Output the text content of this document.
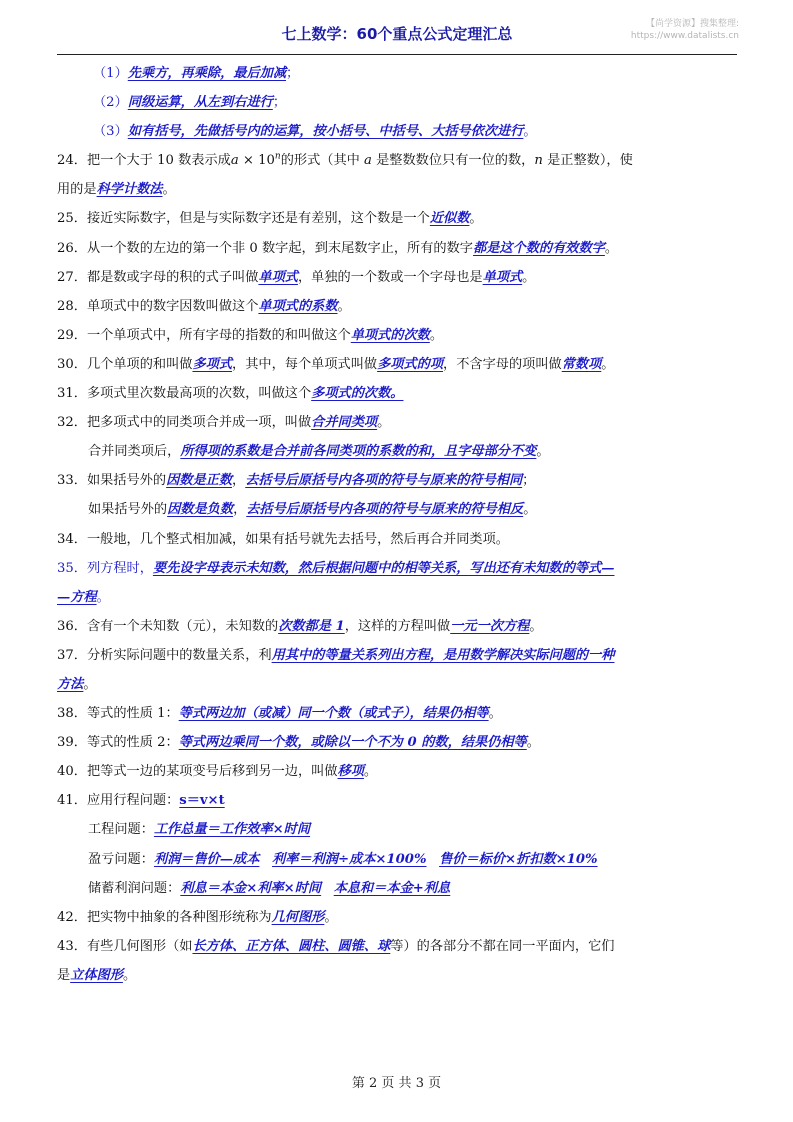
七上数学：60个重点公式定理汇总
【尚学资源】搜集整理:
https://www.datalists.cn
（1）先乘方，再乘除，最后加减；
（2）同级运算，从左到右进行；
（3）如有括号，先做括号内的运算，按小括号、中括号、大括号依次进行。
24．把一个大于 10 数表示成$a \times 10^n$的形式（其中 a 是整数数位只有一位的数，n 是正整数），使
用的是科学计数法。
25．接近实际数字，但是与实际数字还是有差别，这个数是一个近似数。
26．从一个数的左边的第一个非 0 数字起，到末尾数字止，所有的数字都是这个数的有效数字。
27．都是数或字母的积的式子叫做单项式，单独的一个数或一个字母也是单项式。
28．单项式中的数字因数叫做这个单项式的系数。
29．一个单项式中，所有字母的指数的和叫做这个单项式的次数。
30．几个单项的和叫做多项式，其中，每个单项式叫做多项式的项，不含字母的项叫做常数项。
31．多项式里次数最高项的次数，叫做这个多项式的次数。
32．把多项式中的同类项合并成一项，叫做合并同类项。
合并同类项后，所得项的系数是合并前各同类项的系数的和，且字母部分不变。
33．如果括号外的因数是正数，去括号后原括号内各项的符号与原来的符号相同；
如果括号外的因数是负数，去括号后原括号内各项的符号与原来的符号相反。
34．一般地，几个整式相加减，如果有括号就先去括号，然后再合并同类项。
35．列方程时，要先设字母表示未知数，然后根据问题中的相等关系，写出还有未知数的等式—
—方程。
36．含有一个未知数（元），未知数的次数都是 1，这样的方程叫做一元一次方程。
37．分析实际问题中的数量关系，利用其中的等量关系列出方程，是用数学解决实际问题的一种
方法。
38．等式的性质 1：等式两边加（或减）同一个数（或式子），结果仍相等。
39．等式的性质 2：等式两边乘同一个数，或除以一个不为 0 的数，结果仍相等。
40．把等式一边的某项变号后移到另一边，叫做移项。
41．应用行程问题：s＝v×t
工程问题：工作总量＝工作效率×时间
盈亏问题：利润＝售价—成本 利率＝利润÷成本×100% 售价＝标价×折扣数×10%
储蓄利润问题：利息＝本金×利率×时间 本息和＝本金+利息
42．把实物中抽象的各种图形统称为几何图形。
43．有些几何图形（如长方体、正方体、圆柱、圆锥、球等）的各部分不都在同一平面内，它们
是立体图形。
第 2 页 共 3 页
